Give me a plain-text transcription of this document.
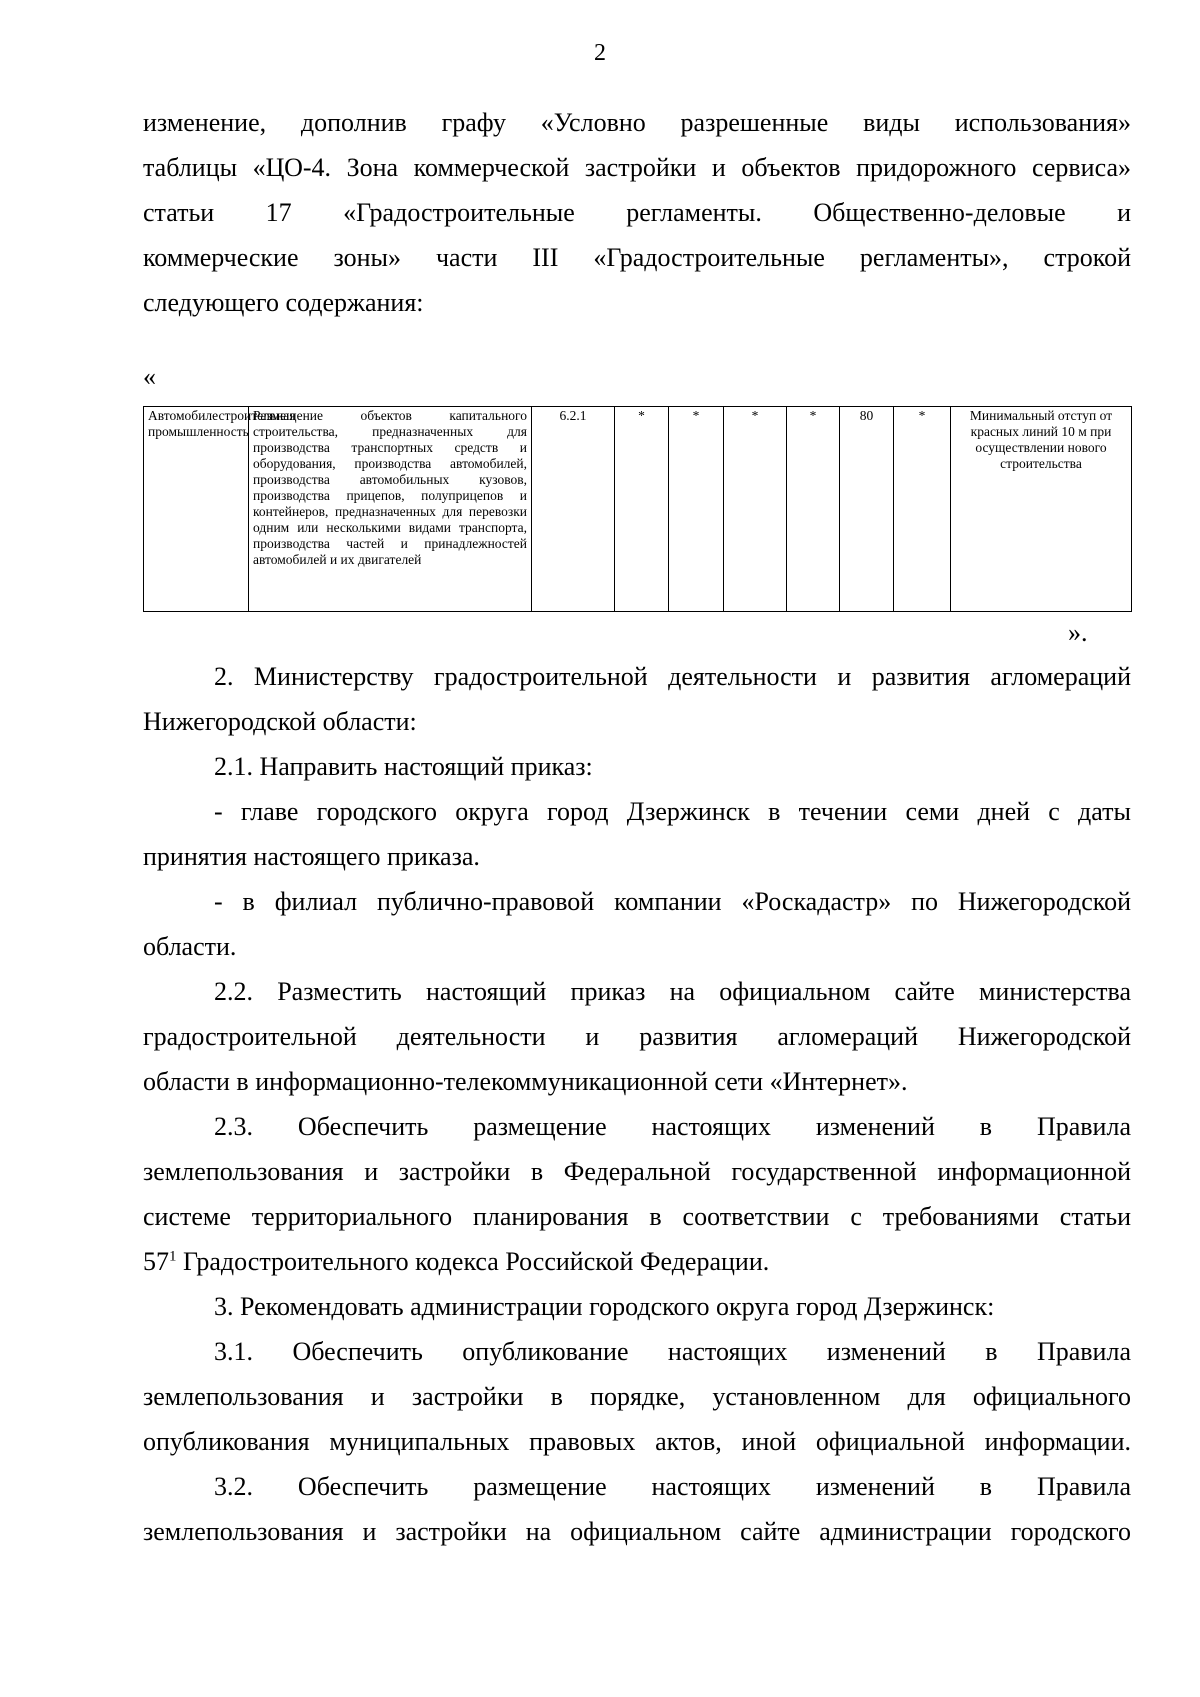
2
изменение, дополнив графу «Условно разрешенные виды использования»
таблицы «ЦО-4. Зона коммерческой застройки и объектов придорожного сервиса»
статьи 17 «Градостроительные регламенты. Общественно-деловые и
коммерческие зоны» части III «Градостроительные регламенты», строкой
следующего содержания:
«
Автомобилестроительная промышленность	Размещение объектов капитального строительства, предназначенных для производства транспортных средств и оборудования, производства автомобилей, производства автомобильных кузовов, производства прицепов, полуприцепов и контейнеров, предназначенных для перевозки одним или несколькими видами транспорта, производства частей и принадлежностей автомобилей и их двигателей	6.2.1	*	*	*	*	80	*	Минимальный отступ от красных линий 10 м при осуществлении нового строительства
».
2. Министерству градостроительной деятельности и развития агломераций
Нижегородской области:
2.1. Направить настоящий приказ:
- главе городского округа город Дзержинск в течении семи дней с даты
принятия настоящего приказа.
- в филиал публично-правовой компании «Роскадастр» по Нижегородской
области.
2.2. Разместить настоящий приказ на официальном сайте министерства
градостроительной деятельности и развития агломераций Нижегородской
области в информационно-телекоммуникационной сети «Интернет».
2.3. Обеспечить размещение настоящих изменений в Правила
землепользования и застройки в Федеральной государственной информационной
системе территориального планирования в соответствии с требованиями статьи
$57^1$ Градостроительного кодекса Российской Федерации.
3. Рекомендовать администрации городского округа город Дзержинск:
3.1. Обеспечить опубликование настоящих изменений в Правила
землепользования и застройки в порядке, установленном для официального
опубликования муниципальных правовых актов, иной официальной информации.
3.2. Обеспечить размещение настоящих изменений в Правила
землепользования и застройки на официальном сайте администрации городского
